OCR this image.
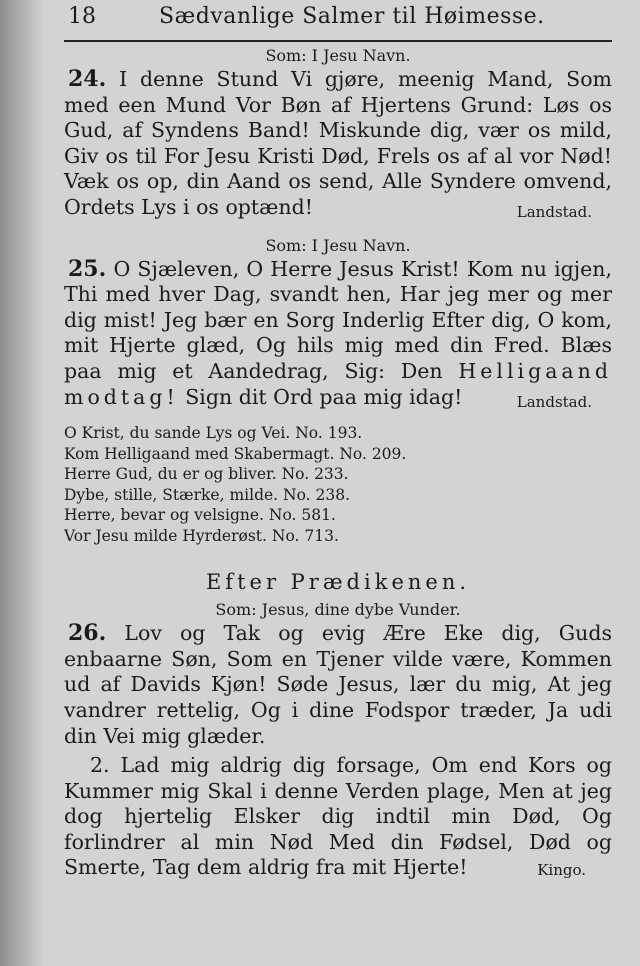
18	Sædvanlige Salmer til Høimesse.
Som: I Jesu Navn.

24. I denne Stund Vi gjøre, meenig Mand, Som med een Mund Vor Bøn af Hjertens Grund: Løs os Gud, af Syndens Band! Miskunde dig, vær os mild, Giv os til For Jesu Kristi Død, Frels os af al vor Nød! Væk os op, din Aand os send, Alle Syndere omvend, Ordets Lys i os optænd!	Landstad.

Som: I Jesu Navn.

25. O Sjæleven, O Herre Jesus Krist! Kom nu igjen, Thi med hver Dag, svandt hen, Har jeg mer og mer dig mist! Jeg bær en Sorg Inderlig Efter dig, O kom, mit Hjerte glæd, Og hils mig med din Fred. Blæs paa mig et Aandedrag, Sig: Den Helligaand modtag! Sign dit Ord paa mig idag!	Landstad.

O Krist, du sande Lys og Vei. No. 193.
Kom Helligaand med Skabermagt. No. 209.
Herre Gud, du er og bliver. No. 233.
Dybe, stille, Stærke, milde. No. 238.
Herre, bevar og velsigne. No. 581.
Vor Jesu milde Hyrderøst. No. 713.
Efter Prædikenen.
Som: Jesus, dine dybe Vunder.

26. Lov og Tak og evig Ære Eke dig, Guds enbaarne Søn, Som en Tjener vilde være, Kommen ud af Davids Kjøn! Søde Jesus, lær du mig, At jeg vandrer rettelig, Og i dine Fodspor træder, Ja udi din Vei mig glæder.

2. Lad mig aldrig dig forsage, Om end Kors og Kummer mig Skal i denne Verden plage, Men at jeg dog hjertelig Elsker dig indtil min Død, Og forlindrer al min Nød Med din Fødsel, Død og Smerte, Tag dem aldrig fra mit Hjerte!	Kingo.
